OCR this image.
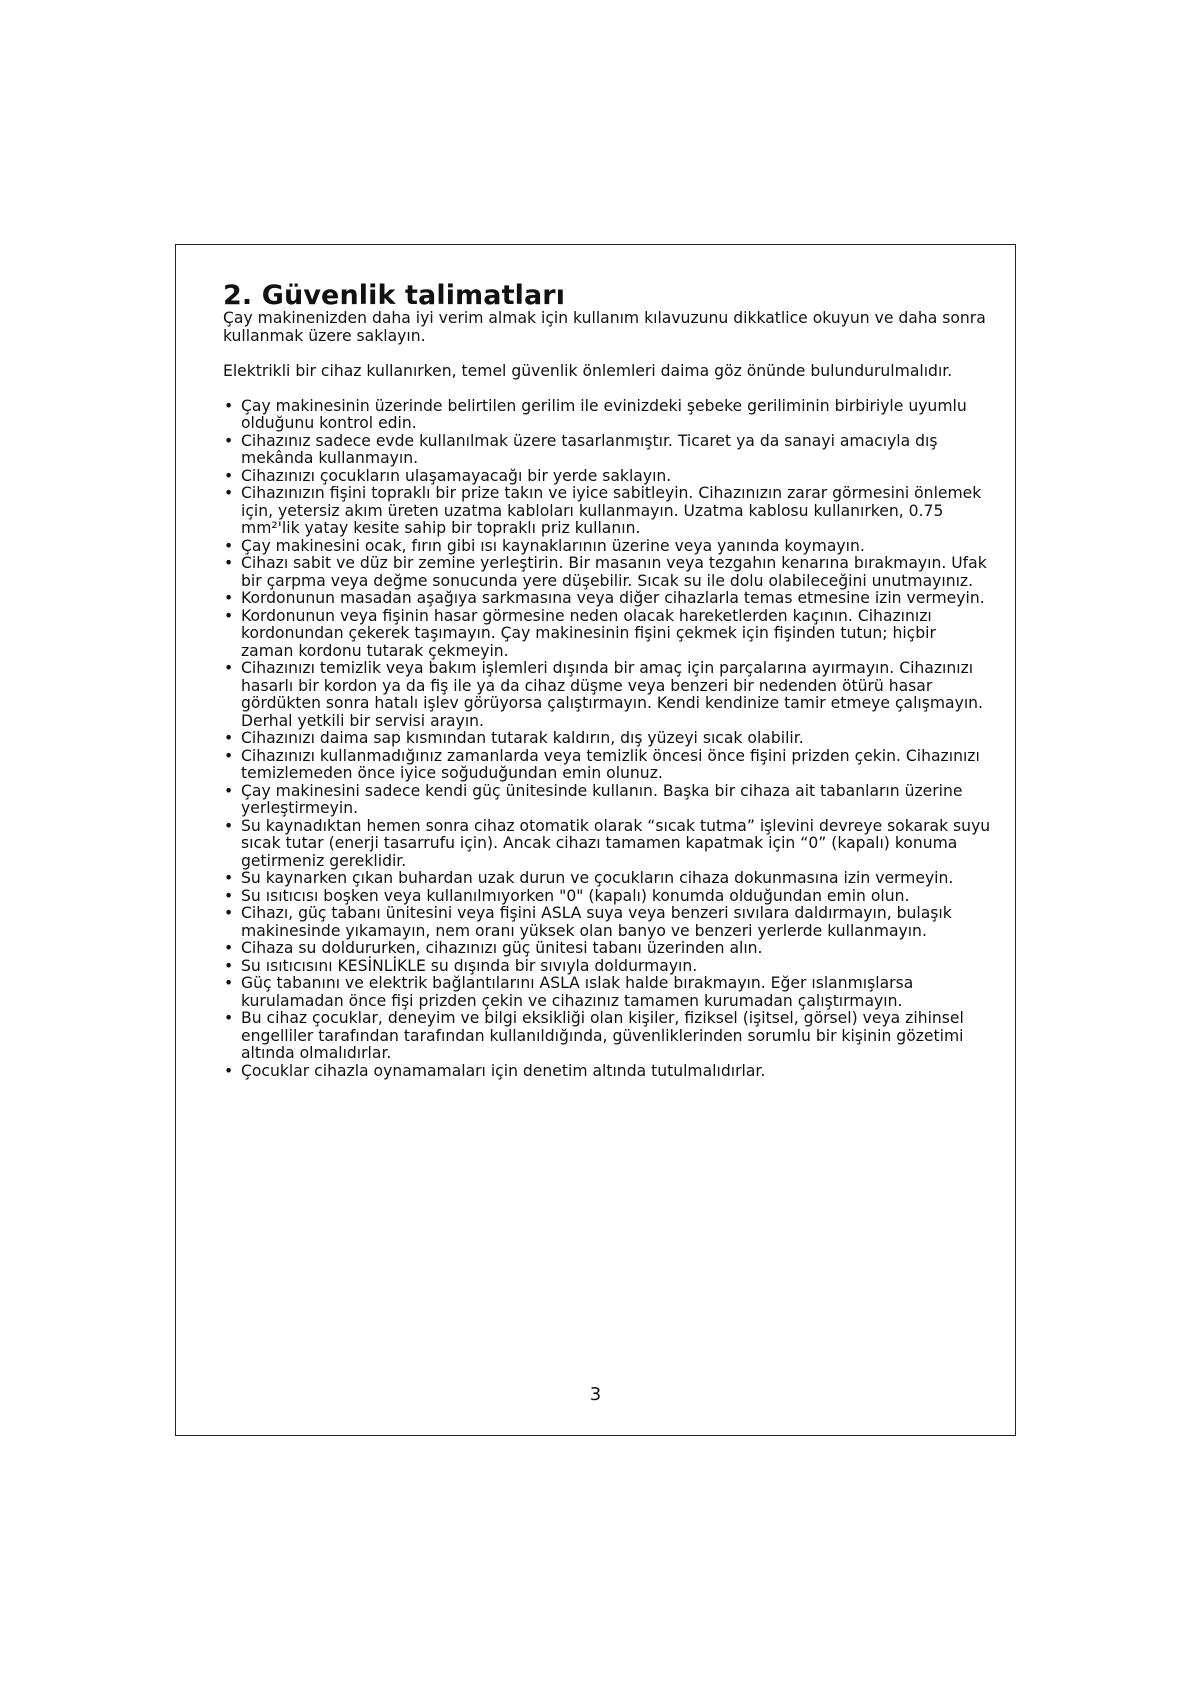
2. Güvenlik talimatları

Çay makinenizden daha iyi verim almak için kullanım kılavuzunu dikkatlice okuyun ve daha sonra kullanmak üzere saklayın.

Elektrikli bir cihaz kullanırken, temel güvenlik önlemleri daima göz önünde bulundurulmalıdır.

• Çay makinesinin üzerinde belirtilen gerilim ile evinizdeki şebeke geriliminin birbiriyle uyumlu olduğunu kontrol edin.
• Cihazınız sadece evde kullanılmak üzere tasarlanmıştır. Ticaret ya da sanayi amacıyla dış mekânda kullanmayın.
• Cihazınızı çocukların ulaşamayacağı bir yerde saklayın.
• Cihazınızın fişini topraklı bir prize takın ve iyice sabitleyin. Cihazınızın zarar görmesini önlemek için, yetersiz akım üreten uzatma kabloları kullanmayın. Uzatma kablosu kullanırken, 0.75 mm²'lik yatay kesite sahip bir topraklı priz kullanın.
• Çay makinesini ocak, fırın gibi ısı kaynaklarının üzerine veya yanında koymayın.
• Cihazı sabit ve düz bir zemine yerleştirin. Bir masanın veya tezgahın kenarına bırakmayın. Ufak bir çarpma veya değme sonucunda yere düşebilir. Sıcak su ile dolu olabileceğini unutmayınız.
• Kordonunun masadan aşağıya sarkmasına veya diğer cihazlarla temas etmesine izin vermeyin.
• Kordonunun veya fişinin hasar görmesine neden olacak hareketlerden kaçının. Cihazınızı kordonundan çekerek taşımayın. Çay makinesinin fişini çekmek için fişinden tutun; hiçbir zaman kordonu tutarak çekmeyin.
• Cihazınızı temizlik veya bakım işlemleri dışında bir amaç için parçalarına ayırmayın. Cihazınızı hasarlı bir kordon ya da fiş ile ya da cihaz düşme veya benzeri bir nedenden ötürü hasar gördükten sonra hatalı işlev görüyorsa çalıştırmayın. Kendi kendinize tamir etmeye çalışmayın. Derhal yetkili bir servisi arayın.
• Cihazınızı daima sap kısmından tutarak kaldırın, dış yüzeyi sıcak olabilir.
• Cihazınızı kullanmadığınız zamanlarda veya temizlik öncesi önce fişini prizden çekin. Cihazınızı temizlemeden önce iyice soğuduğundan emin olunuz.
• Çay makinesini sadece kendi güç ünitesinde kullanın. Başka bir cihaza ait tabanların üzerine yerleştirmeyin.
• Su kaynadıktan hemen sonra cihaz otomatik olarak “sıcak tutma” işlevini devreye sokarak suyu sıcak tutar (enerji tasarrufu için). Ancak cihazı tamamen kapatmak için “0” (kapalı) konuma getirmeniz gereklidir.
• Su kaynarken çıkan buhardan uzak durun ve çocukların cihaza dokunmasına izin vermeyin.
• Su ısıtıcısı boşken veya kullanılmıyorken "0" (kapalı) konumda olduğundan emin olun.
• Cihazı, güç tabanı ünitesini veya fişini ASLA suya veya benzeri sıvılara daldırmayın, bulaşık makinesinde yıkamayın, nem oranı yüksek olan banyo ve benzeri yerlerde kullanmayın.
• Cihaza su doldururken, cihazınızı güç ünitesi tabanı üzerinden alın.
• Su ısıtıcısını KESİNLİKLE su dışında bir sıvıyla doldurmayın.
• Güç tabanını ve elektrik bağlantılarını ASLA ıslak halde bırakmayın. Eğer ıslanmışlarsa kurulamadan önce fişi prizden çekin ve cihazınız tamamen kurumadan çalıştırmayın.
• Bu cihaz çocuklar, deneyim ve bilgi eksikliği olan kişiler, fiziksel (işitsel, görsel) veya zihinsel engelliler tarafından tarafından kullanıldığında, güvenliklerinden sorumlu bir kişinin gözetimi altında olmalıdırlar.
• Çocuklar cihazla oynamamaları için denetim altında tutulmalıdırlar.
3
